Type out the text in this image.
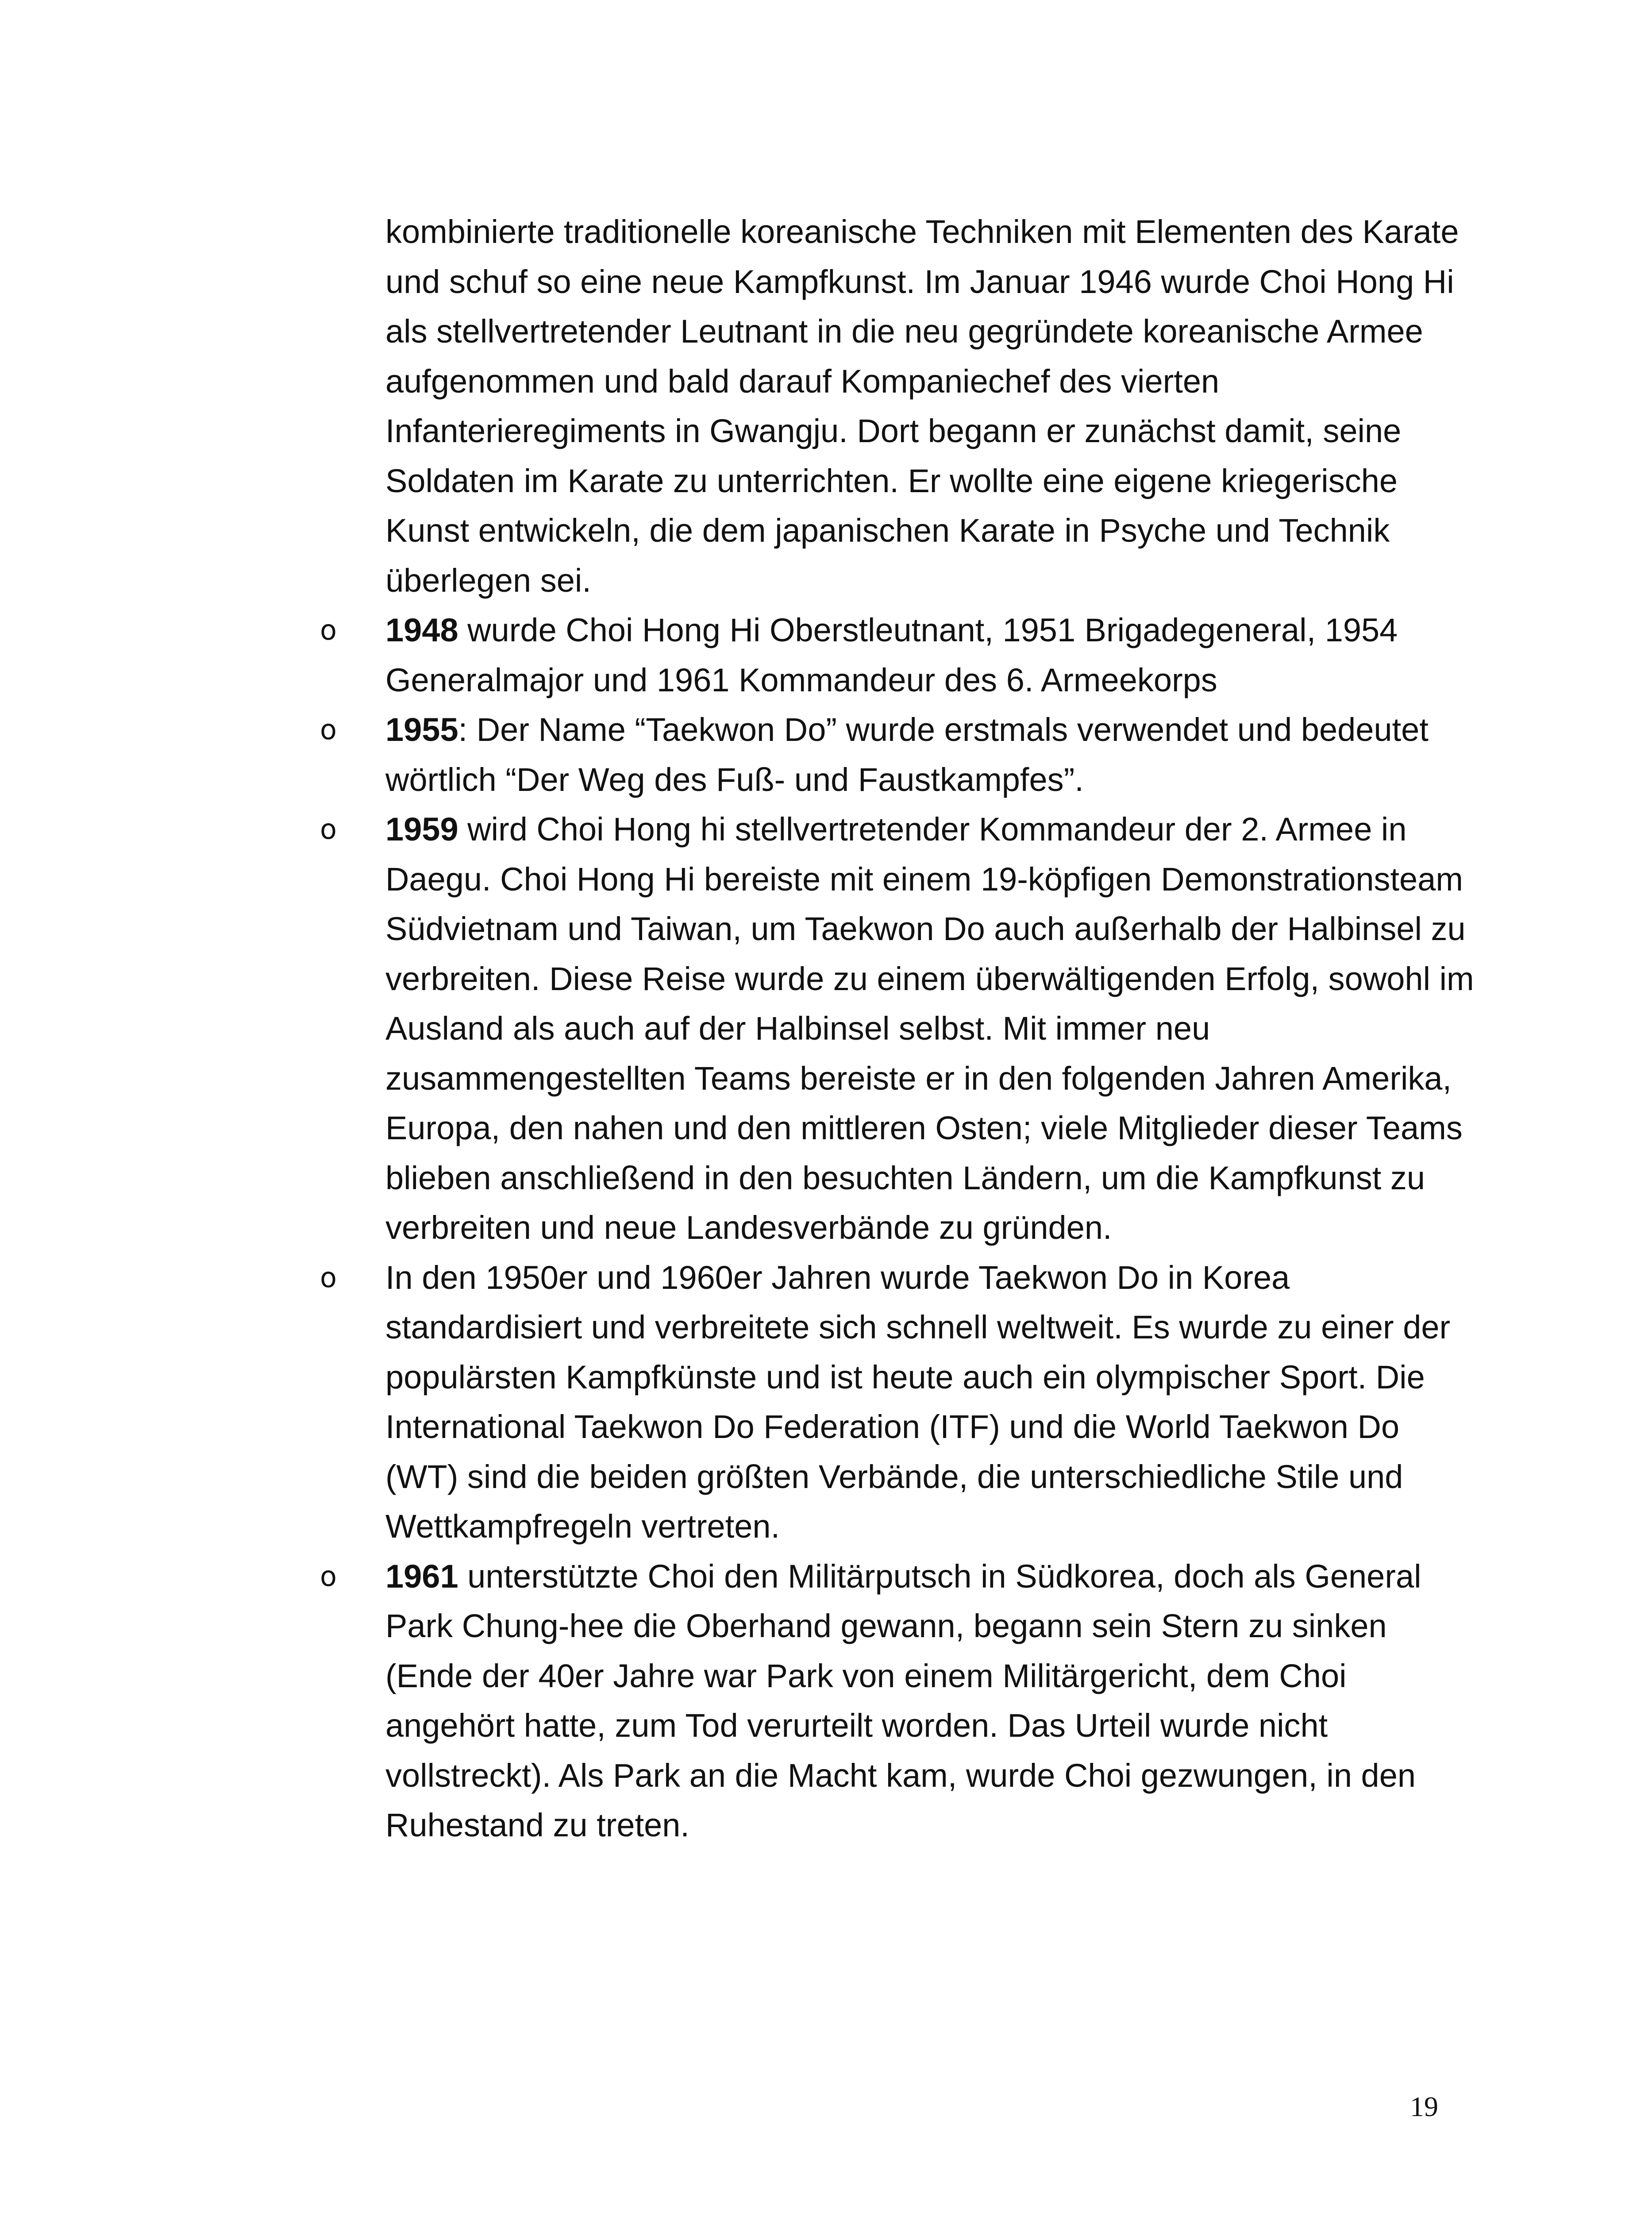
kombinierte traditionelle koreanische Techniken mit Elementen des Karate und schuf so eine neue Kampfkunst. Im Januar 1946 wurde Choi Hong Hi als stellvertretender Leutnant in die neu gegründete koreanische Armee aufgenommen und bald darauf Kompaniechef des vierten Infanterieregiments in Gwangju. Dort begann er zunächst damit, seine Soldaten im Karate zu unterrichten. Er wollte eine eigene kriegerische Kunst entwickeln, die dem japanischen Karate in Psyche und Technik überlegen sei.

o 1948 wurde Choi Hong Hi Oberstleutnant, 1951 Brigadegeneral, 1954 Generalmajor und 1961 Kommandeur des 6. Armeekorps
o 1955: Der Name “Taekwon Do” wurde erstmals verwendet und bedeutet wörtlich “Der Weg des Fuß- und Faustkampfes”.
o 1959 wird Choi Hong hi stellvertretender Kommandeur der 2. Armee in Daegu. Choi Hong Hi bereiste mit einem 19-köpfigen Demonstrationsteam Südvietnam und Taiwan, um Taekwon Do auch außerhalb der Halbinsel zu verbreiten. Diese Reise wurde zu einem überwältigenden Erfolg, sowohl im Ausland als auch auf der Halbinsel selbst. Mit immer neu zusammengestellten Teams bereiste er in den folgenden Jahren Amerika, Europa, den nahen und den mittleren Osten; viele Mitglieder dieser Teams blieben anschließend in den besuchten Ländern, um die Kampfkunst zu verbreiten und neue Landesverbände zu gründen.
o In den 1950er und 1960er Jahren wurde Taekwon Do in Korea standardisiert und verbreitete sich schnell weltweit. Es wurde zu einer der populärsten Kampfkünste und ist heute auch ein olympischer Sport. Die International Taekwon Do Federation (ITF) und die World Taekwon Do (WT) sind die beiden größten Verbände, die unterschiedliche Stile und Wettkampfregeln vertreten.
o 1961 unterstützte Choi den Militärputsch in Südkorea, doch als General Park Chung-hee die Oberhand gewann, begann sein Stern zu sinken (Ende der 40er Jahre war Park von einem Militärgericht, dem Choi angehört hatte, zum Tod verurteilt worden. Das Urteil wurde nicht vollstreckt). Als Park an die Macht kam, wurde Choi gezwungen, in den Ruhestand zu treten.
19
